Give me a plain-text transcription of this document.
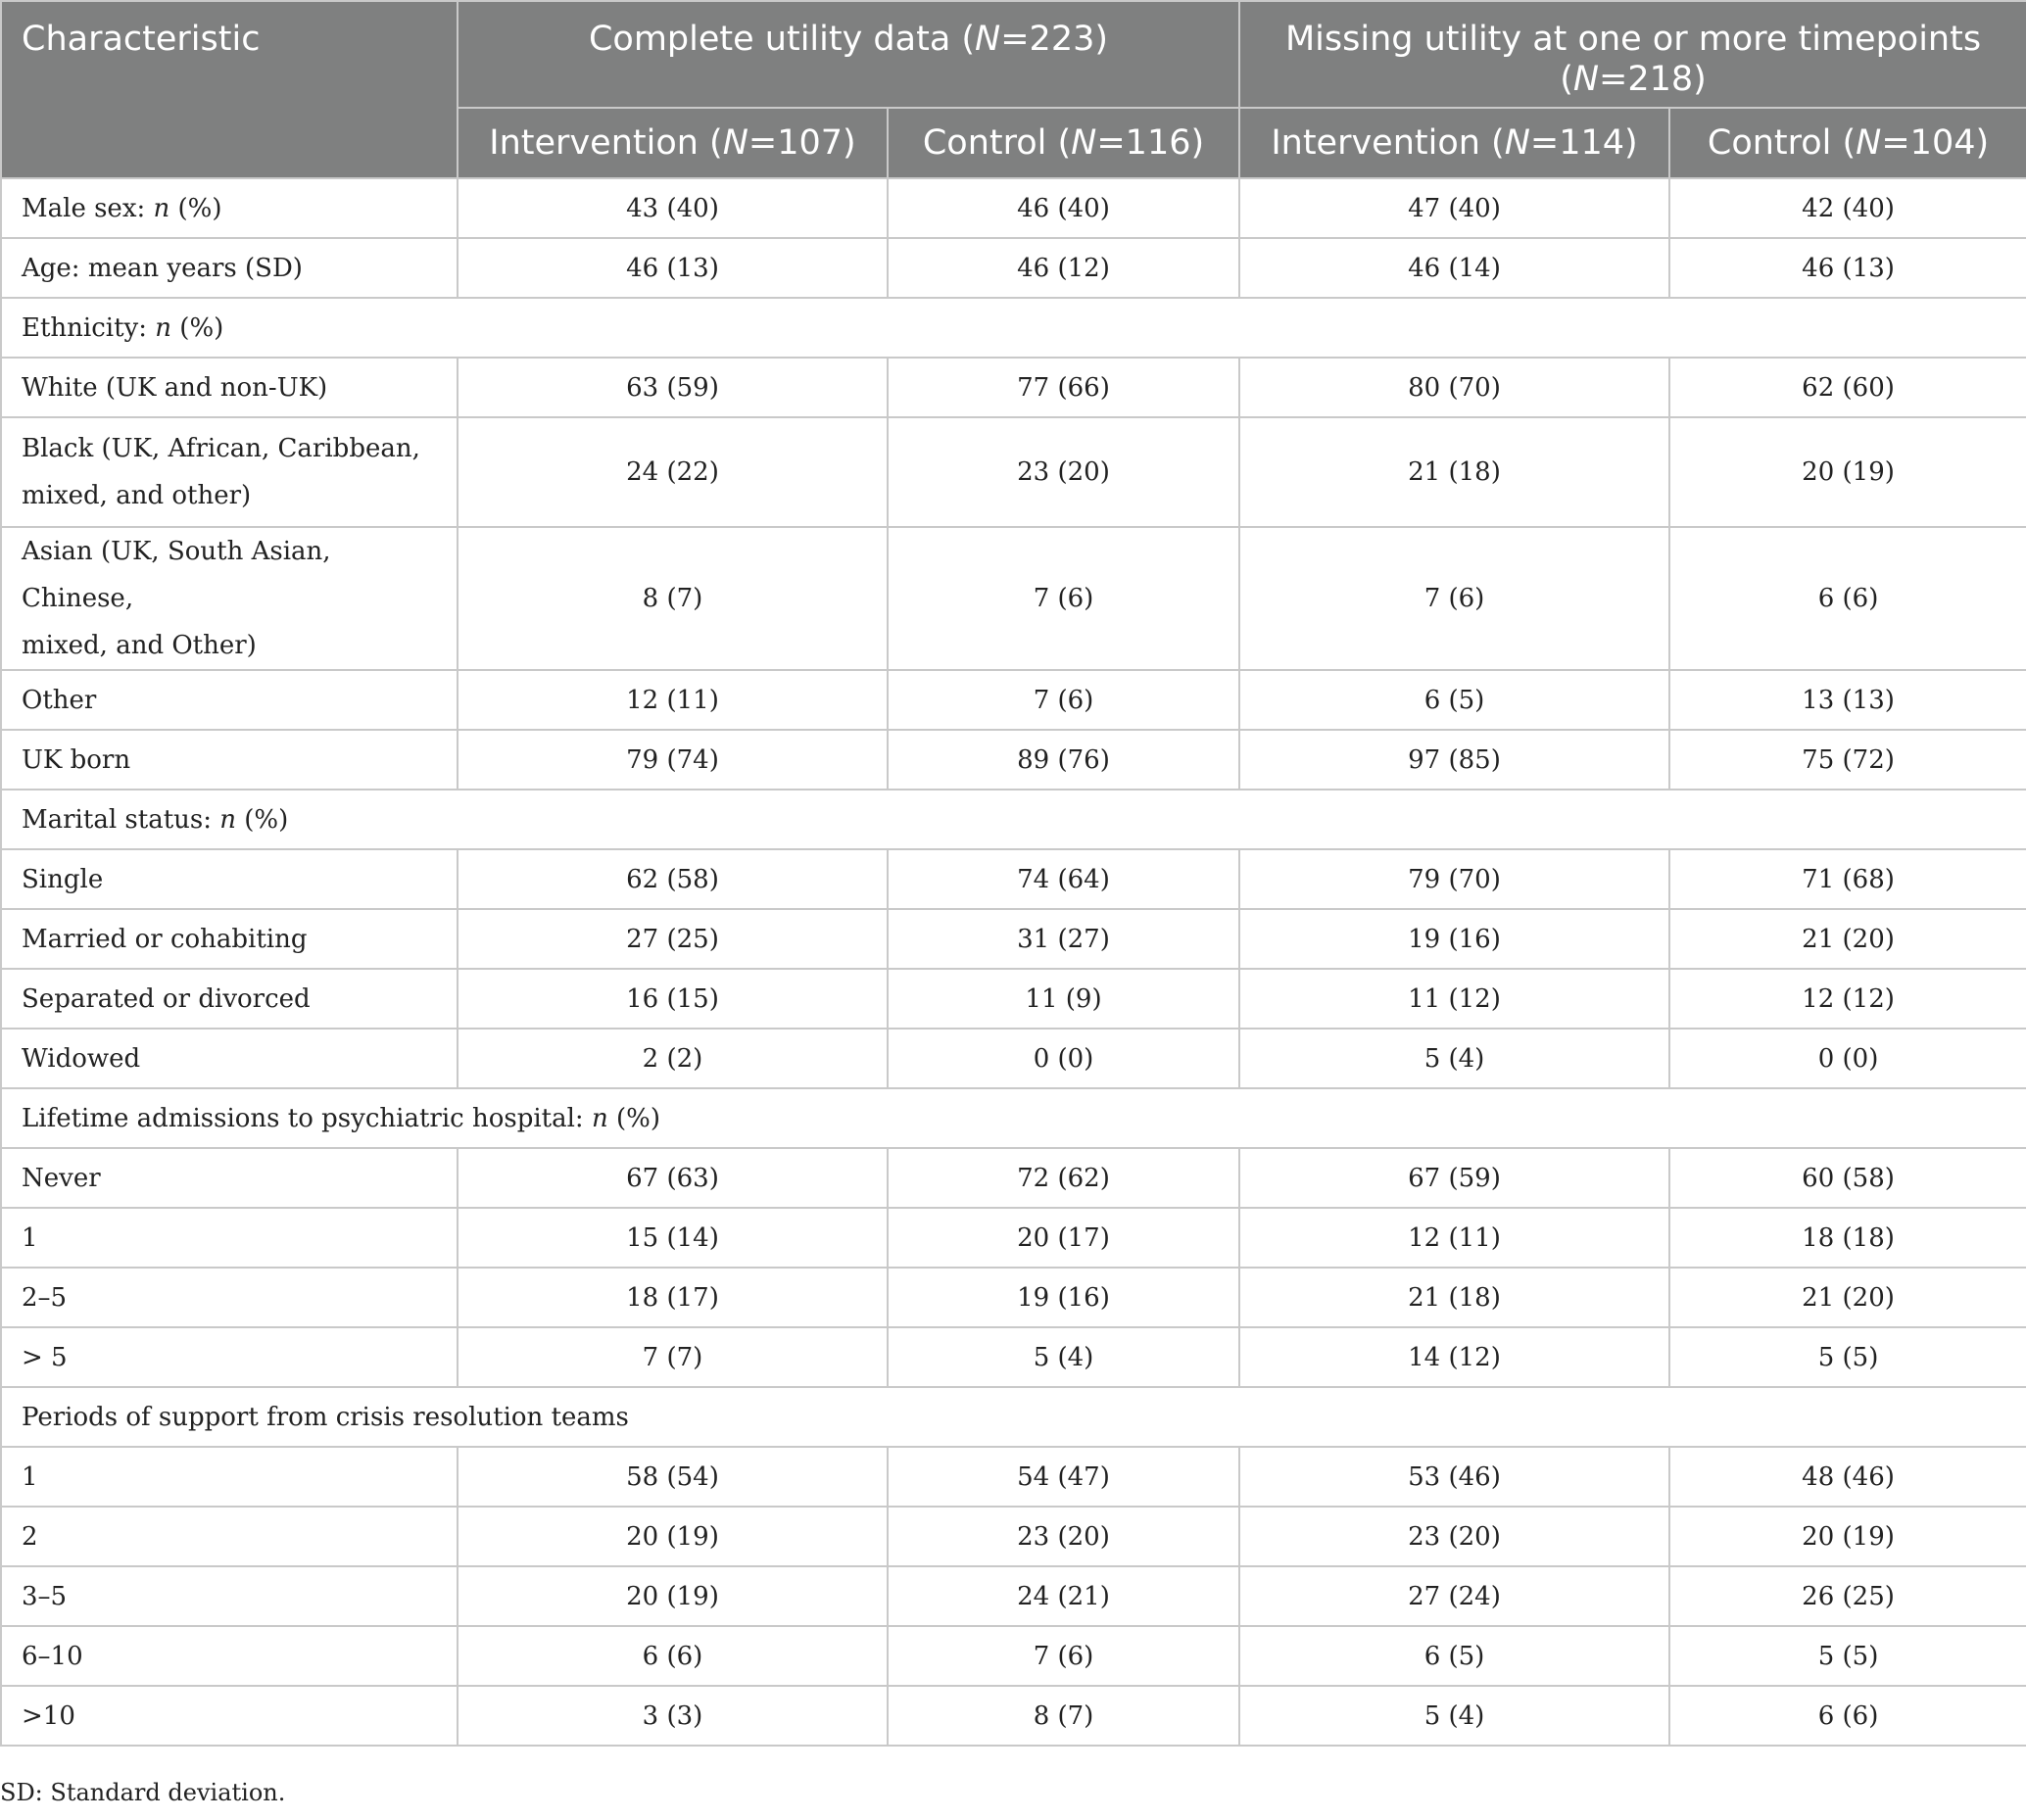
Characteristic	Complete utility data (N=223)		Missing utility at one or more timepoints (N=218)	
	Intervention (N=107)	Control (N=116)	Intervention (N=114)	Control (N=104)
Male sex: n (%)	43 (40)	46 (40)	47 (40)	42 (40)
Age: mean years (SD)	46 (13)	46 (12)	46 (14)	46 (13)
Ethnicity: n (%)				
White (UK and non-UK)	63 (59)	77 (66)	80 (70)	62 (60)
Black (UK, African, Caribbean,
mixed, and other)	24 (22)	23 (20)	21 (18)	20 (19)
Asian (UK, South Asian, Chinese,
mixed, and Other)	8 (7)	7 (6)	7 (6)	6 (6)
Other	12 (11)	7 (6)	6 (5)	13 (13)
UK born	79 (74)	89 (76)	97 (85)	75 (72)
Marital status: n (%)				
Single	62 (58)	74 (64)	79 (70)	71 (68)
Married or cohabiting	27 (25)	31 (27)	19 (16)	21 (20)
Separated or divorced	16 (15)	11 (9)	11 (12)	12 (12)
Widowed	2 (2)	0 (0)	5 (4)	0 (0)
Lifetime admissions to psychiatric hospital: n (%)				
Never	67 (63)	72 (62)	67 (59)	60 (58)
1	15 (14)	20 (17)	12 (11)	18 (18)
2–5	18 (17)	19 (16)	21 (18)	21 (20)
> 5	7 (7)	5 (4)	14 (12)	5 (5)
Periods of support from crisis resolution teams				
1	58 (54)	54 (47)	53 (46)	48 (46)
2	20 (19)	23 (20)	23 (20)	20 (19)
3–5	20 (19)	24 (21)	27 (24)	26 (25)
6–10	6 (6)	7 (6)	6 (5)	5 (5)
>10	3 (3)	8 (7)	5 (4)	6 (6)
SD: Standard deviation.
